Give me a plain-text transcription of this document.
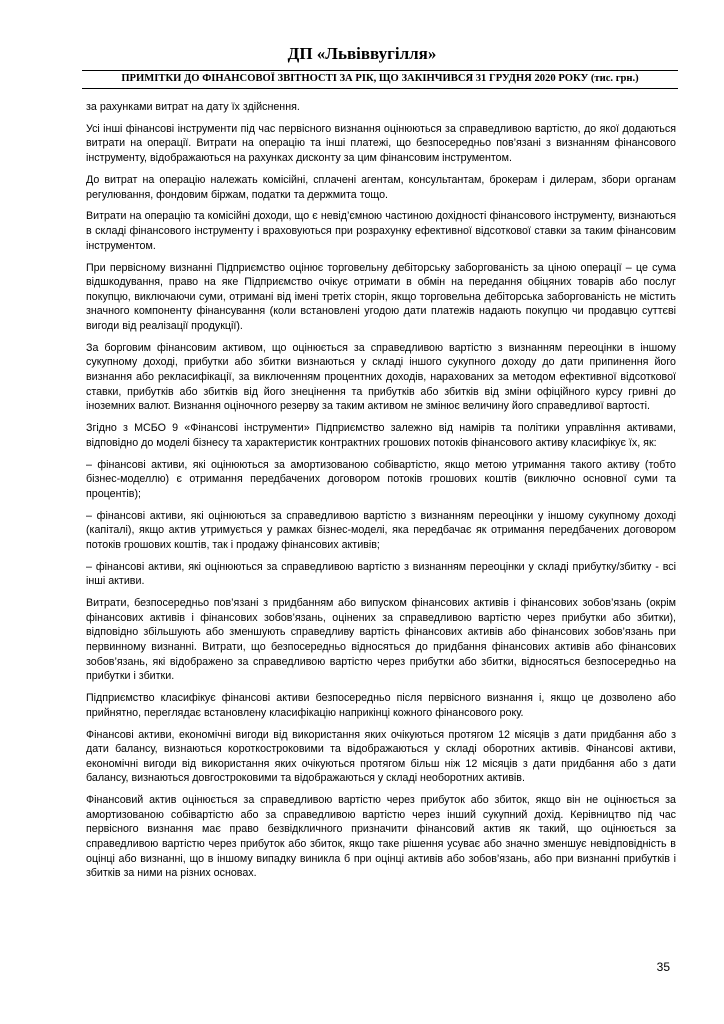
ДП «Львіввугілля»
ПРИМІТКИ ДО ФІНАНСОВОЇ ЗВІТНОСТІ ЗА РІК, ЩО ЗАКІНЧИВСЯ 31 ГРУДНЯ 2020 РОКУ (тис. грн.)

за рахунками витрат на дату їх здійснення.

Усі інші фінансові інструменти під час первісного визнання оцінюються за справедливою вартістю, до якої додаються витрати на операції. Витрати на операцію та інші платежі, що безпосередньо пов’язані з визнанням фінансового інструменту, відображаються на рахунках дисконту за цим фінансовим інструментом.

До витрат на операцію належать комісійні, сплачені агентам, консультантам, брокерам і дилерам, збори органам регулювання, фондовим біржам, податки та держмита тощо.

Витрати на операцію та комісійні доходи, що є невід’ємною частиною дохідності фінансового інструменту, визнаються в складі фінансового інструменту і враховуються при розрахунку ефективної відсоткової ставки за таким фінансовим інструментом.

При первісному визнанні Підприємство оцінює торговельну дебіторську заборгованість за ціною операції – це сума відшкодування, право на яке Підприємство очікує отримати в обмін на передання обіцяних товарів або послуг покупцю, виключаючи суми, отримані від імені третіх сторін, якщо торговельна дебіторська заборгованість не містить значного компоненту фінансування (коли встановлені угодою дати платежів надають покупцю чи продавцю суттєві вигоди від реалізації продукції).

За борговим фінансовим активом, що оцінюється за справедливою вартістю з визнанням переоцінки в іншому сукупному доході, прибутки або збитки визнаються у складі іншого сукупного доходу до дати припинення його визнання або рекласифікації, за виключенням процентних доходів, нарахованих за методом ефективної відсоткової ставки, прибутків або збитків від його знецінення та прибутків або збитків від зміни офіційного курсу гривні до іноземних валют. Визнання оціночного резерву за таким активом не змінює величину його справедливої вартості.

Згідно з МСБО 9 «Фінансові інструменти» Підприємство залежно від намірів та політики управління активами, відповідно до моделі бізнесу та характеристик контрактних грошових потоків фінансового активу класифікує їх, як:

– фінансові активи, які оцінюються за амортизованою собівартістю, якщо метою утримання такого активу (тобто бізнес-моделлю) є отримання передбачених договором потоків грошових коштів (виключно основної суми та процентів);

– фінансові активи, які оцінюються за справедливою вартістю з визнанням переоцінки у іншому сукупному доході (капіталі), якщо актив утримується у рамках бізнес-моделі, яка передбачає як отримання передбачених договором потоків грошових коштів, так і продажу фінансових активів;

– фінансові активи, які оцінюються за справедливою вартістю з визнанням переоцінки у складі прибутку/збитку - всі інші активи.

Витрати, безпосередньо пов’язані з придбанням або випуском фінансових активів і фінансових зобов’язань (окрім фінансових активів і фінансових зобов’язань, оцінених за справедливою вартістю через прибутки або збитки), відповідно збільшують або зменшують справедливу вартість фінансових активів або фінансових зобов’язань при первинному визнанні. Витрати, що безпосередньо відносяться до придбання фінансових активів або фінансових зобов’язань, які відображено за справедливою вартістю через прибутки або збитки, відносяться безпосередньо на прибутки і збитки.

Підприємство класифікує фінансові активи безпосередньо після первісного визнання і, якщо це дозволено або прийнятно, переглядає встановлену класифікацію наприкінці кожного фінансового року.

Фінансові активи, економічні вигоди від використання яких очікуються протягом 12 місяців з дати придбання або з дати балансу, визнаються короткостроковими та відображаються у складі оборотних активів. Фінансові активи, економічні вигоди від використання яких очікуються протягом більш ніж 12 місяців з дати придбання або з дати балансу, визнаються довгостроковими та відображаються у складі необоротних активів.

Фінансовий актив оцінюється за справедливою вартістю через прибуток або збиток, якщо він не оцінюється за амортизованою собівартістю або за справедливою вартістю через інший сукупний дохід. Керівництво під час первісного визнання має право безвідкличного призначити фінансовий актив як такий, що оцінюється за справедливою вартістю через прибуток або збиток, якщо таке рішення усуває або значно зменшує невідповідність в оцінці або визнанні, що в іншому випадку виникла б при оцінці активів або зобов’язань, або при визнанні прибутків і збитків за ними на різних основах.

35
